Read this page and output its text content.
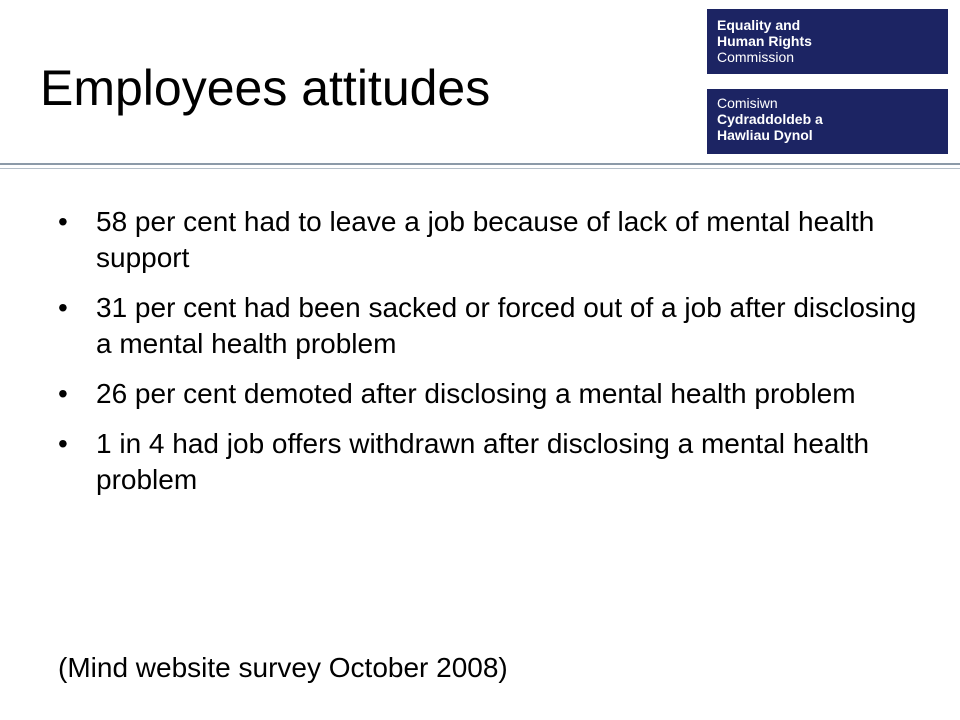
Employees attitudes
Equality and
Human Rights
Commission
Comisiwn
Cydraddoldeb a
Hawliau Dynol
•	58 per cent had to leave a job because of lack of mental health support
•	31 per cent had been sacked or forced out of a job after disclosing a mental health problem
•	26 per cent demoted after disclosing a mental health problem
•	1 in 4 had job offers withdrawn after disclosing a mental health problem
(Mind website survey October 2008)
